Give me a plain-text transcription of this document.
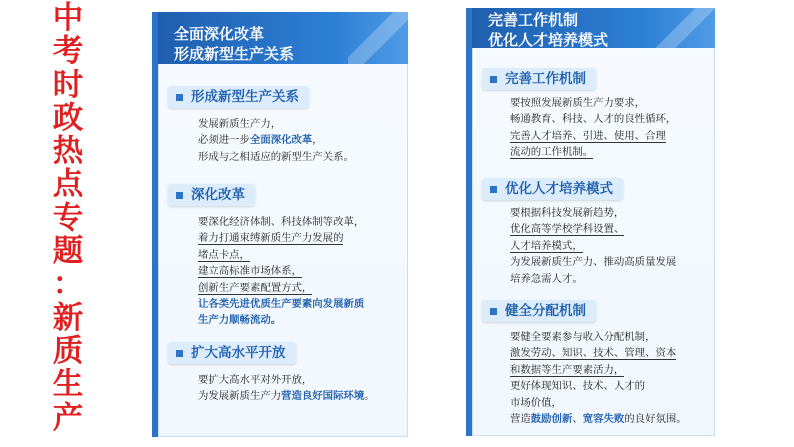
中
考
时
政
热
点
专
题
：
新
质
生
产
全面深化改革
形成新型生产关系
形成新型生产关系
发展新质生产力，
必须进一步全面深化改革，
形成与之相适应的新型生产关系。
深化改革
要深化经济体制、科技体制等改革，
着力打通束缚新质生产力发展的
堵点卡点，
建立高标准市场体系，
创新生产要素配置方式，
让各类先进优质生产要素向发展新质
生产力顺畅流动。
扩大高水平开放
要扩大高水平对外开放，
为发展新质生产力营造良好国际环境。
完善工作机制
优化人才培养模式
完善工作机制
要按照发展新质生产力要求，
畅通教育、科技、人才的良性循环，
完善人才培养、引进、使用、合理
流动的工作机制。
优化人才培养模式
要根据科技发展新趋势，
优化高等学校学科设置、
人才培养模式，
为发展新质生产力、推动高质量发展
培养急需人才。
健全分配机制
要健全要素参与收入分配机制，
激发劳动、知识、技术、管理、资本
和数据等生产要素活力，
更好体现知识、技术、人才的
市场价值，
营造鼓励创新、宽容失败的良好氛围。
